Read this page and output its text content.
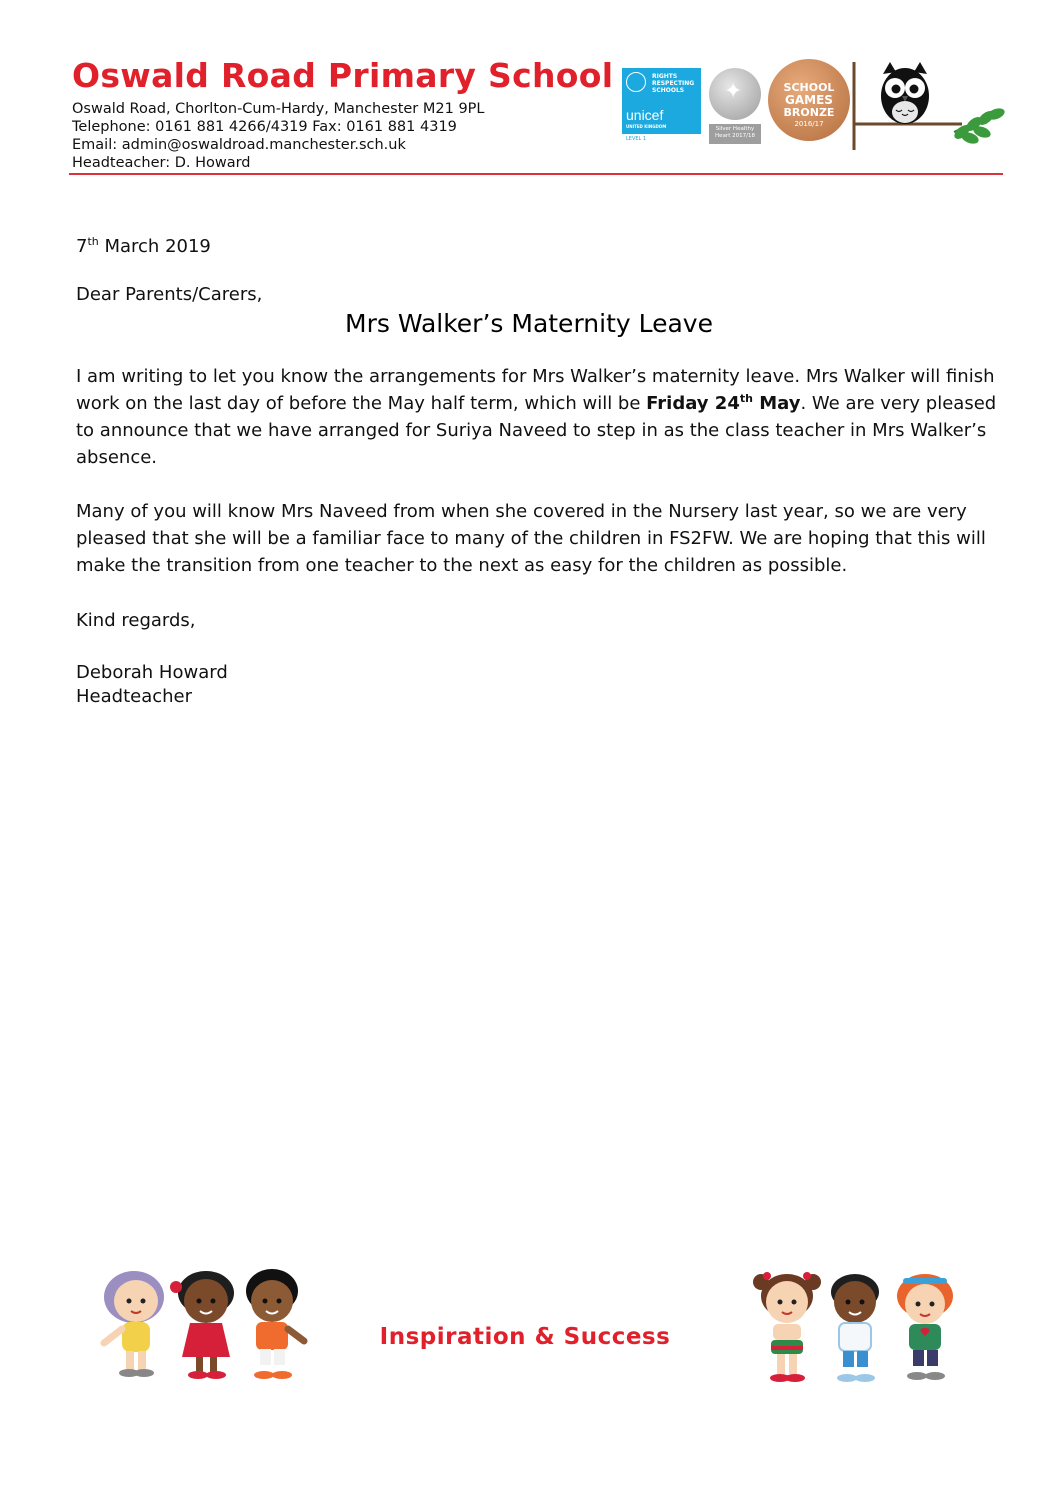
Oswald Road Primary School
Oswald Road, Chorlton-Cum-Hardy, Manchester M21 9PL
Telephone: 0161 881 4266/4319 Fax: 0161 881 4319
Email: admin@oswaldroad.manchester.sch.uk
Headteacher: D. Howard
RIGHTS
RESPECTING
SCHOOLS
unicef
UNITED KINGDOM
LEVEL 1
✦
Silver Healthy
Heart 2017/18
SCHOOL
GAMES
BRONZE
2016/17
7th March 2019
Dear Parents/Carers,
Mrs Walker’s Maternity Leave
I am writing to let you know the arrangements for Mrs Walker’s maternity leave. Mrs Walker will finish
work on the last day of before the May half term, which will be Friday 24th May. We are very pleased
to announce that we have arranged for Suriya Naveed to step in as the class teacher in Mrs Walker’s
absence.
Many of you will know Mrs Naveed from when she covered in the Nursery last year, so we are very
pleased that she will be a familiar face to many of the children in FS2FW. We are hoping that this will
make the transition from one teacher to the next as easy for the children as possible.
Kind regards,
Deborah Howard
Headteacher
Inspiration & Success
